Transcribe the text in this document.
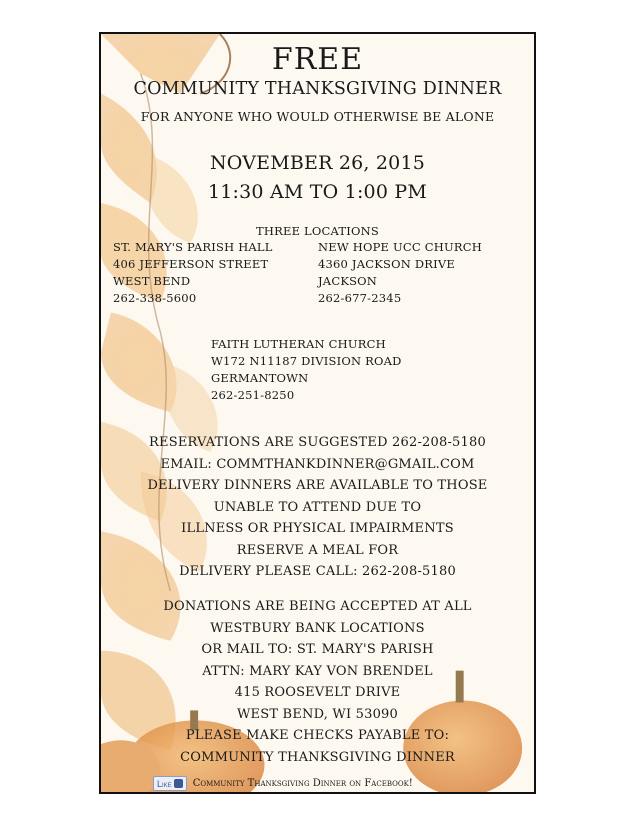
FREE
COMMUNITY THANKSGIVING DINNER
FOR ANYONE WHO WOULD OTHERWISE BE ALONE
NOVEMBER 26, 2015
11:30 AM TO 1:00 PM
THREE LOCATIONS
ST. MARY'S PARISH HALL
406 JEFFERSON STREET
WEST BEND
262-338-5600
NEW HOPE UCC CHURCH
4360 JACKSON DRIVE
JACKSON
262-677-2345
FAITH LUTHERAN CHURCH
W172 N11187 DIVISION ROAD
GERMANTOWN
262-251-8250
RESERVATIONS ARE SUGGESTED 262-208-5180
EMAIL: COMMTHANKDINNER@GMAIL.COM
DELIVERY DINNERS ARE AVAILABLE TO THOSE
UNABLE TO ATTEND DUE TO
ILLNESS OR PHYSICAL IMPAIRMENTS
RESERVE A MEAL FOR
DELIVERY PLEASE CALL: 262-208-5180
DONATIONS ARE BEING ACCEPTED AT ALL
WESTBURY BANK LOCATIONS
OR MAIL TO: ST. MARY'S PARISH
ATTN: MARY KAY VON BRENDEL
415 ROOSEVELT DRIVE
WEST BEND, WI 53090
PLEASE MAKE CHECKS PAYABLE TO:
COMMUNITY THANKSGIVING DINNER
Like Community Thanksgiving Dinner on Facebook!
